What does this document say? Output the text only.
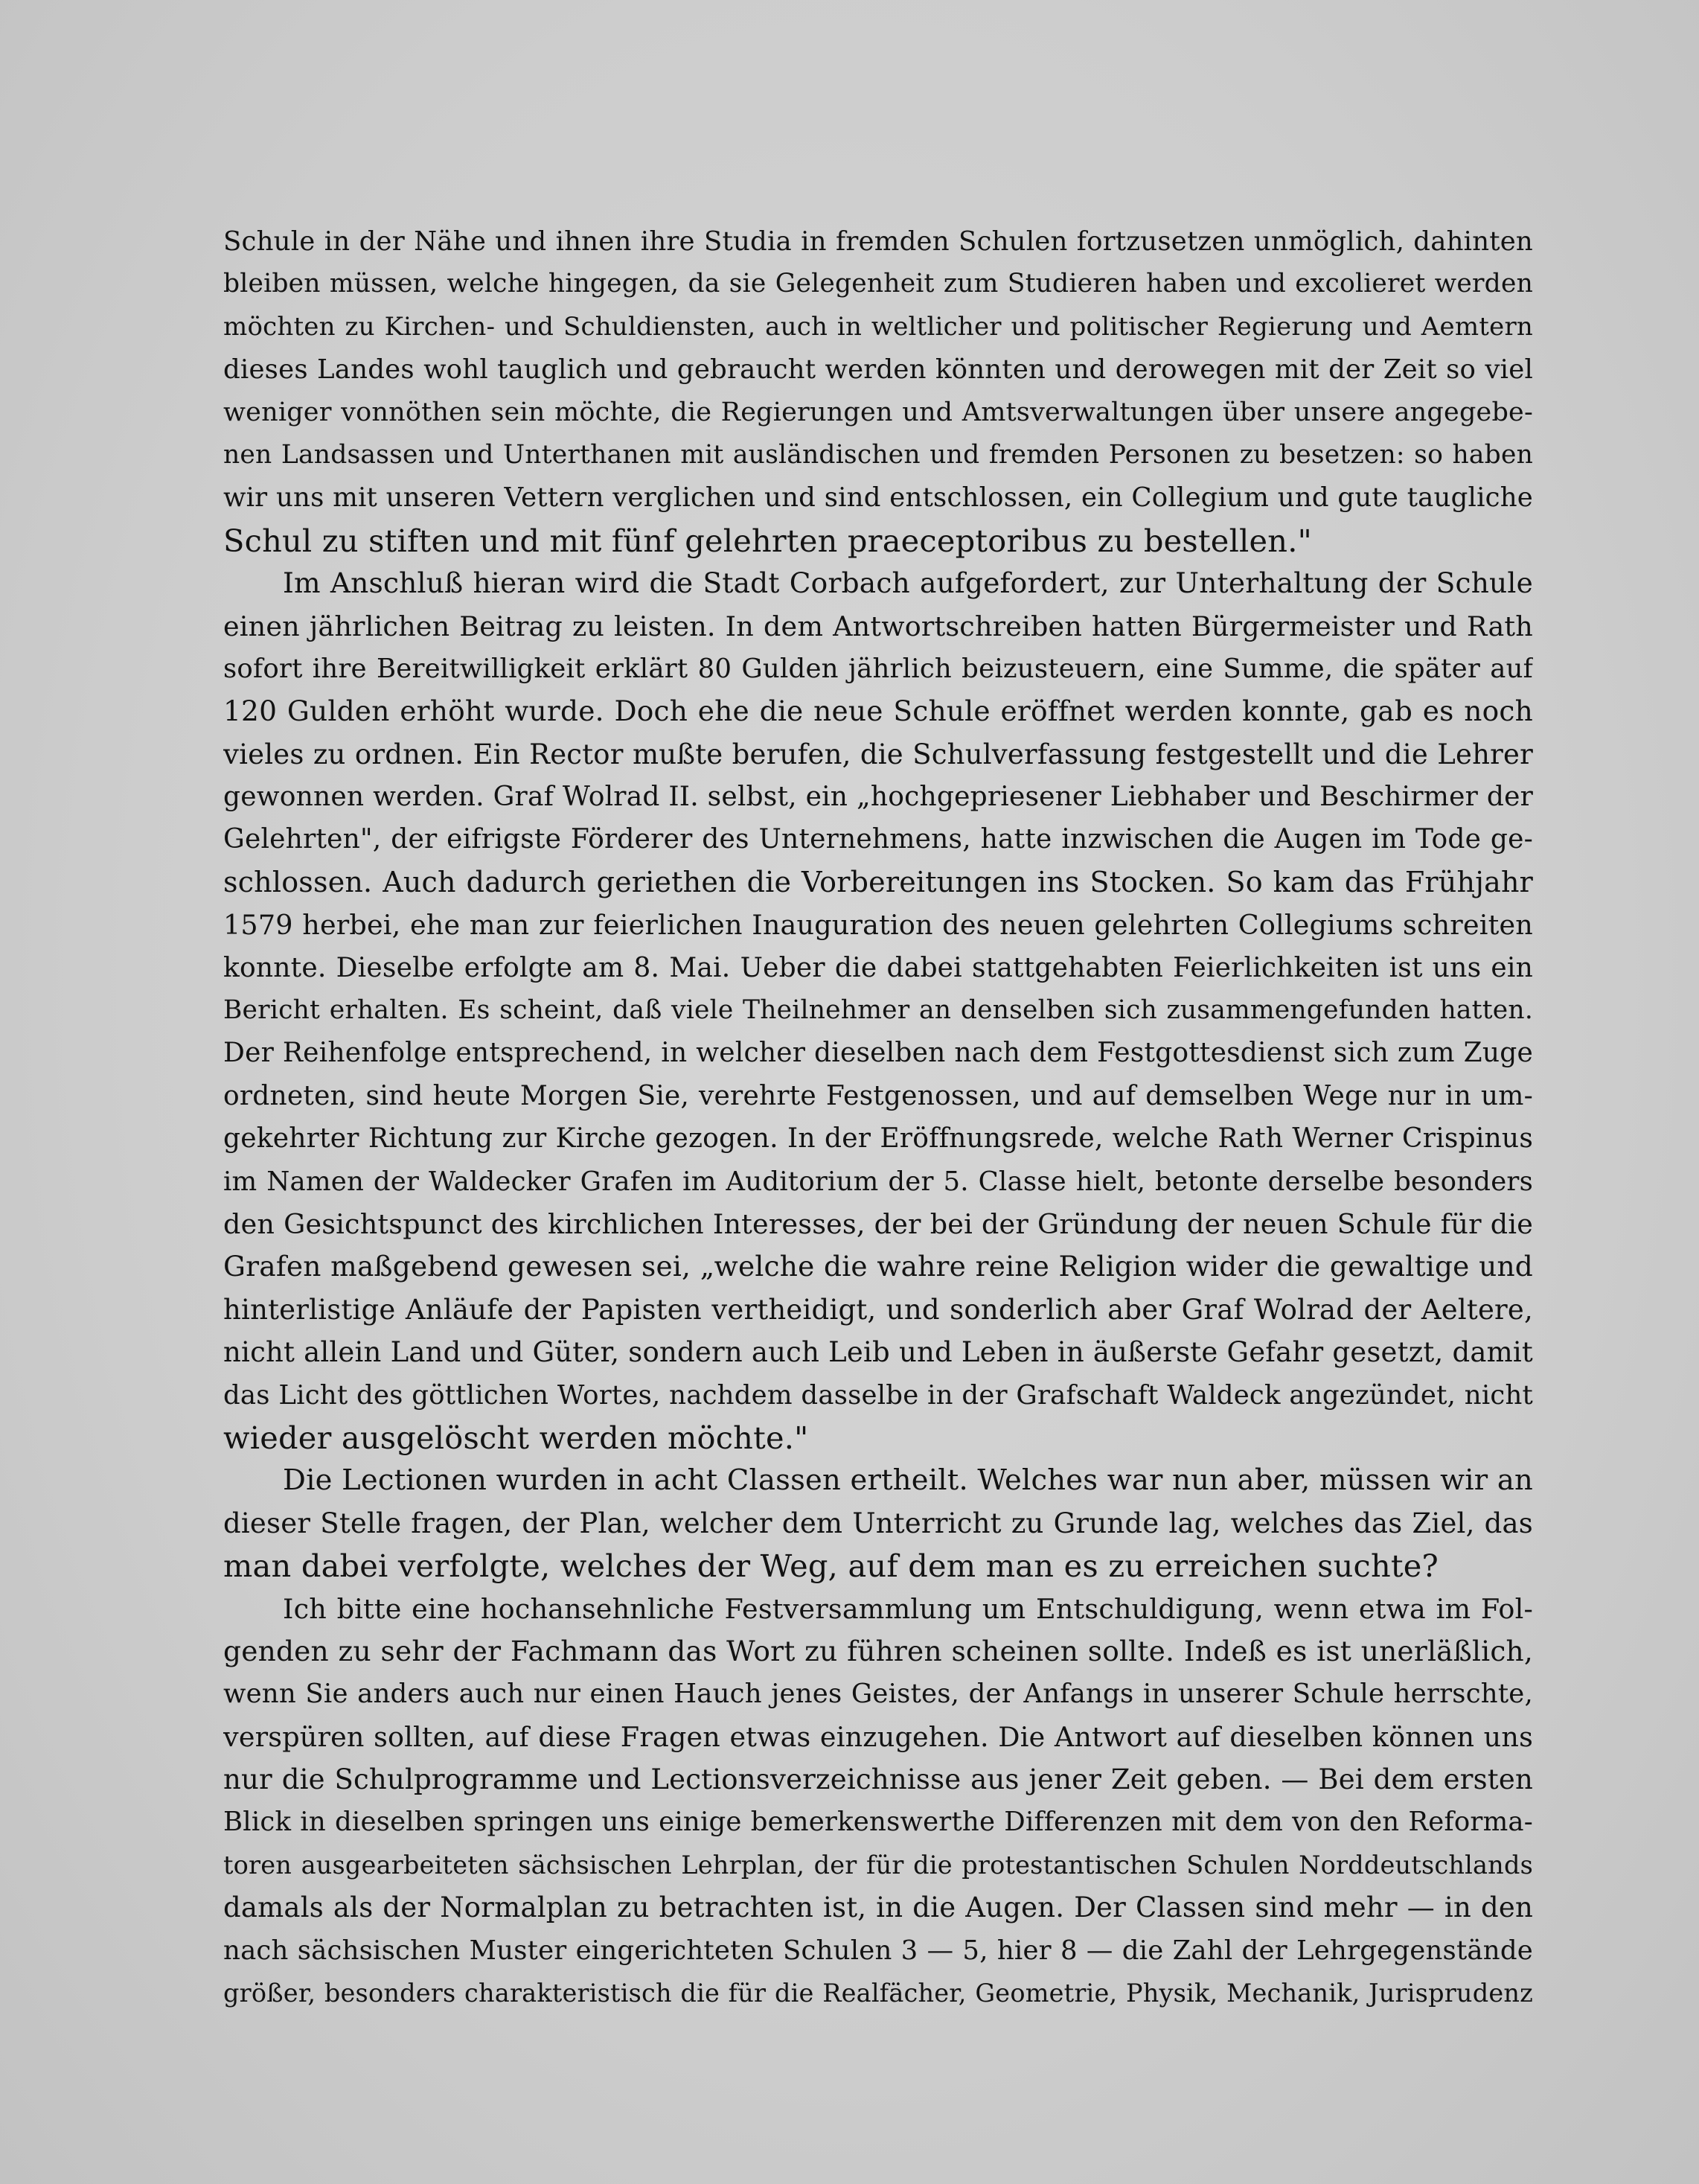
Schule in der Nähe und ihnen ihre Studia in fremden Schulen fortzusetzen unmöglich, dahinten
bleiben müssen, welche hingegen, da sie Gelegenheit zum Studieren haben und excolieret werden
möchten zu Kirchen- und Schuldiensten, auch in weltlicher und politischer Regierung und Aemtern
dieses Landes wohl tauglich und gebraucht werden könnten und derowegen mit der Zeit so viel
weniger vonnöthen sein möchte, die Regierungen und Amtsverwaltungen über unsere angegebe-
nen Landsassen und Unterthanen mit ausländischen und fremden Personen zu besetzen: so haben
wir uns mit unseren Vettern verglichen und sind entschlossen, ein Collegium und gute taugliche
Schul zu stiften und mit fünf gelehrten praeceptoribus zu bestellen."
Im Anschluß hieran wird die Stadt Corbach aufgefordert, zur Unterhaltung der Schule
einen jährlichen Beitrag zu leisten. In dem Antwortschreiben hatten Bürgermeister und Rath
sofort ihre Bereitwilligkeit erklärt 80 Gulden jährlich beizusteuern, eine Summe, die später auf
120 Gulden erhöht wurde. Doch ehe die neue Schule eröffnet werden konnte, gab es noch
vieles zu ordnen. Ein Rector mußte berufen, die Schulverfassung festgestellt und die Lehrer
gewonnen werden. Graf Wolrad II. selbst, ein „hochgepriesener Liebhaber und Beschirmer der
Gelehrten", der eifrigste Förderer des Unternehmens, hatte inzwischen die Augen im Tode ge-
schlossen. Auch dadurch geriethen die Vorbereitungen ins Stocken. So kam das Frühjahr
1579 herbei, ehe man zur feierlichen Inauguration des neuen gelehrten Collegiums schreiten
konnte. Dieselbe erfolgte am 8. Mai. Ueber die dabei stattgehabten Feierlichkeiten ist uns ein
Bericht erhalten. Es scheint, daß viele Theilnehmer an denselben sich zusammengefunden hatten.
Der Reihenfolge entsprechend, in welcher dieselben nach dem Festgottesdienst sich zum Zuge
ordneten, sind heute Morgen Sie, verehrte Festgenossen, und auf demselben Wege nur in um-
gekehrter Richtung zur Kirche gezogen. In der Eröffnungsrede, welche Rath Werner Crispinus
im Namen der Waldecker Grafen im Auditorium der 5. Classe hielt, betonte derselbe besonders
den Gesichtspunct des kirchlichen Interesses, der bei der Gründung der neuen Schule für die
Grafen maßgebend gewesen sei, „welche die wahre reine Religion wider die gewaltige und
hinterlistige Anläufe der Papisten vertheidigt, und sonderlich aber Graf Wolrad der Aeltere,
nicht allein Land und Güter, sondern auch Leib und Leben in äußerste Gefahr gesetzt, damit
das Licht des göttlichen Wortes, nachdem dasselbe in der Grafschaft Waldeck angezündet, nicht
wieder ausgelöscht werden möchte."
Die Lectionen wurden in acht Classen ertheilt. Welches war nun aber, müssen wir an
dieser Stelle fragen, der Plan, welcher dem Unterricht zu Grunde lag, welches das Ziel, das
man dabei verfolgte, welches der Weg, auf dem man es zu erreichen suchte?
Ich bitte eine hochansehnliche Festversammlung um Entschuldigung, wenn etwa im Fol-
genden zu sehr der Fachmann das Wort zu führen scheinen sollte. Indeß es ist unerläßlich,
wenn Sie anders auch nur einen Hauch jenes Geistes, der Anfangs in unserer Schule herrschte,
verspüren sollten, auf diese Fragen etwas einzugehen. Die Antwort auf dieselben können uns
nur die Schulprogramme und Lectionsverzeichnisse aus jener Zeit geben. — Bei dem ersten
Blick in dieselben springen uns einige bemerkenswerthe Differenzen mit dem von den Reforma-
toren ausgearbeiteten sächsischen Lehrplan, der für die protestantischen Schulen Norddeutschlands
damals als der Normalplan zu betrachten ist, in die Augen. Der Classen sind mehr — in den
nach sächsischen Muster eingerichteten Schulen 3 — 5, hier 8 — die Zahl der Lehrgegenstände
größer, besonders charakteristisch die für die Realfächer, Geometrie, Physik, Mechanik, Jurisprudenz
